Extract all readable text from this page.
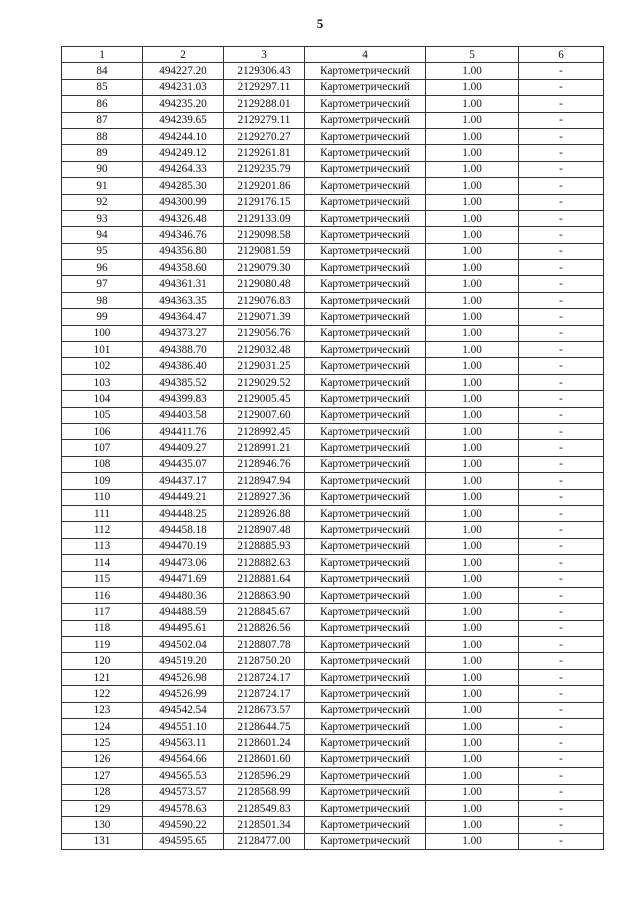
5
1	2	3	4	5	6
84	494227.20	2129306.43	Картометрический	1.00	-
85	494231.03	2129297.11	Картометрический	1.00	-
86	494235.20	2129288.01	Картометрический	1.00	-
87	494239.65	2129279.11	Картометрический	1.00	-
88	494244.10	2129270.27	Картометрический	1.00	-
89	494249.12	2129261.81	Картометрический	1.00	-
90	494264.33	2129235.79	Картометрический	1.00	-
91	494285.30	2129201.86	Картометрический	1.00	-
92	494300.99	2129176.15	Картометрический	1.00	-
93	494326.48	2129133.09	Картометрический	1.00	-
94	494346.76	2129098.58	Картометрический	1.00	-
95	494356.80	2129081.59	Картометрический	1.00	-
96	494358.60	2129079.30	Картометрический	1.00	-
97	494361.31	2129080.48	Картометрический	1.00	-
98	494363.35	2129076.83	Картометрический	1.00	-
99	494364.47	2129071.39	Картометрический	1.00	-
100	494373.27	2129056.76	Картометрический	1.00	-
101	494388.70	2129032.48	Картометрический	1.00	-
102	494386.40	2129031.25	Картометрический	1.00	-
103	494385.52	2129029.52	Картометрический	1.00	-
104	494399.83	2129005.45	Картометрический	1.00	-
105	494403.58	2129007.60	Картометрический	1.00	-
106	494411.76	2128992.45	Картометрический	1.00	-
107	494409.27	2128991.21	Картометрический	1.00	-
108	494435.07	2128946.76	Картометрический	1.00	-
109	494437.17	2128947.94	Картометрический	1.00	-
110	494449.21	2128927.36	Картометрический	1.00	-
111	494448.25	2128926.88	Картометрический	1.00	-
112	494458.18	2128907.48	Картометрический	1.00	-
113	494470.19	2128885.93	Картометрический	1.00	-
114	494473.06	2128882.63	Картометрический	1.00	-
115	494471.69	2128881.64	Картометрический	1.00	-
116	494480.36	2128863.90	Картометрический	1.00	-
117	494488.59	2128845.67	Картометрический	1.00	-
118	494495.61	2128826.56	Картометрический	1.00	-
119	494502.04	2128807.78	Картометрический	1.00	-
120	494519.20	2128750.20	Картометрический	1.00	-
121	494526.98	2128724.17	Картометрический	1.00	-
122	494526.99	2128724.17	Картометрический	1.00	-
123	494542.54	2128673.57	Картометрический	1.00	-
124	494551.10	2128644.75	Картометрический	1.00	-
125	494563.11	2128601.24	Картометрический	1.00	-
126	494564.66	2128601.60	Картометрический	1.00	-
127	494565.53	2128596.29	Картометрический	1.00	-
128	494573.57	2128568.99	Картометрический	1.00	-
129	494578.63	2128549.83	Картометрический	1.00	-
130	494590.22	2128501.34	Картометрический	1.00	-
131	494595.65	2128477.00	Картометрический	1.00	-
